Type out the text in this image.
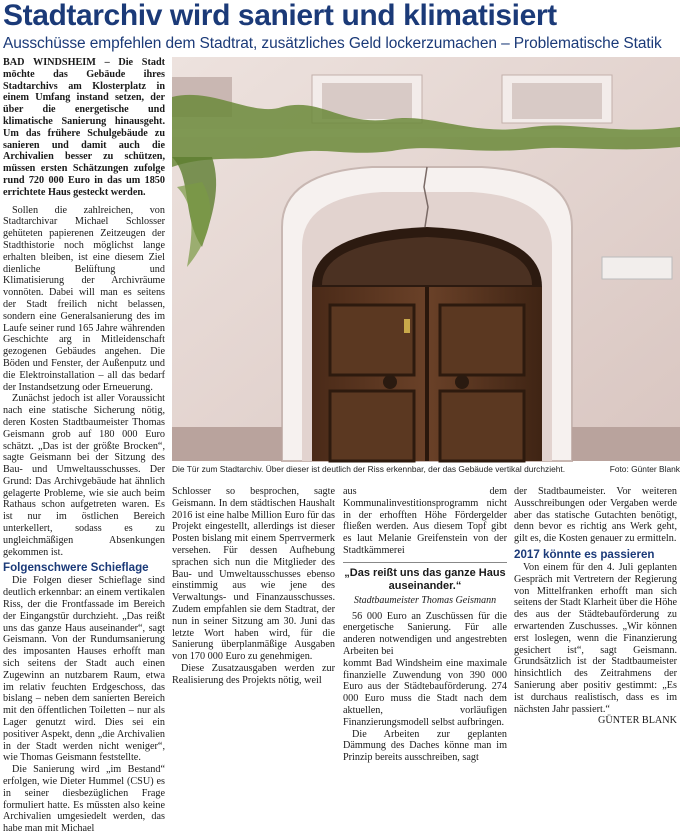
Stadtarchiv wird saniert und klimatisiert
Ausschüsse empfehlen dem Stadtrat, zusätzliches Geld lockerzumachen – Problematische Statik

BAD WINDSHEIM – Die Stadt möchte das Gebäude ihres Stadtarchivs am Klosterplatz in einem Umfang instand setzen, der über die energetische und klimatische Sanierung hinausgeht. Um das frühere Schulgebäude zu sanieren und damit auch die Archivalien besser zu schützen, müssen ersten Schätzungen zufolge rund 720 000 Euro in das um 1850 errichtete Haus gesteckt werden.

Sollen die zahlreichen, von Stadtarchivar Michael Schlosser gehüteten papierenen Zeitzeugen der Stadthistorie noch möglichst lange erhalten bleiben, ist eine diesem Ziel dienliche Belüftung und Klimatisierung der Archivräume vonnöten. Dabei will man es seitens der Stadt freilich nicht belassen, sondern eine Generalsanierung des im Laufe seiner rund 165 Jahre währenden Geschichte arg in Mitleidenschaft gezogenen Gebäudes angehen. Die Böden und Fenster, der Außenputz und die Elektroinstallation – all das bedarf der Instandsetzung oder Erneuerung.

Zunächst jedoch ist aller Voraussicht nach eine statische Sicherung nötig, deren Kosten Stadtbaumeister Thomas Geismann grob auf 180 000 Euro schätzt. „Das ist der größte Brocken“, sagte Geismann bei der Sitzung des Bau- und Umweltausschusses. Der Grund: Das Archivgebäude hat ähnlich gelagerte Probleme, wie sie auch beim Rathaus schon aufgetreten waren. Es ist nur im östlichen Bereich unterkellert, sodass es zu ungleichmäßigen Absenkungen gekommen ist.

Folgenschwere Schieflage

Die Folgen dieser Schieflage sind deutlich erkennbar: an einem vertikalen Riss, der die Frontfassade im Bereich der Eingangstür durchzieht. „Das reißt uns das ganze Haus auseinander“, sagt Geismann. Von der Rundumsanierung des imposanten Hauses erhofft man sich seitens der Stadt auch einen Zugewinn an nutzbarem Raum, etwa im relativ feuchten Erdgeschoss, das bislang – neben dem sanierten Bereich mit den öffentlichen Toiletten – nur als Lager genutzt wird. Dies sei ein positiver Aspekt, denn „die Archivalien in der Stadt werden nicht weniger“, wie Thomas Geismann feststellte.

Die Sanierung wird „im Bestand“ erfolgen, wie Dieter Hummel (CSU) es in seiner diesbezüglichen Frage formuliert hatte. Es müssten also keine Archivalien umgesiedelt werden, das habe man mit Michael

Die Tür zum Stadtarchiv. Über dieser ist deutlich der Riss erkennbar, der das Gebäude vertikal durchzieht.	Foto: Günter Blank

Schlosser so besprochen, sagte Geismann. In dem städtischen Haushalt 2016 ist eine halbe Million Euro für das Projekt eingestellt, allerdings ist dieser Posten bislang mit einem Sperrvermerk versehen. Für dessen Aufhebung sprachen sich nun die Mitglieder des Bau- und Umweltausschusses ebenso einstimmig aus wie jene des Verwaltungs- und Finanzausschusses. Zudem empfahlen sie dem Stadtrat, der nun in seiner Sitzung am 30. Juni das letzte Wort haben wird, für die Sanierung überplanmäßige Ausgaben von 170 000 Euro zu genehmigen.

Diese Zusatzausgaben werden zur Realisierung des Projekts nötig, weil

aus dem Kommunalinvestitionsprogramm nicht in der erhofften Höhe Fördergelder fließen werden. Aus diesem Topf gibt es laut Melanie Greifenstein von der Stadtkämmerei

„Das reißt uns das ganze Haus auseinander.“
Stadtbaumeister Thomas Geismann

56 000 Euro an Zuschüssen für die energetische Sanierung. Für alle anderen notwendigen und angestrebten Arbeiten bei

kommt Bad Windsheim eine maximale finanzielle Zuwendung von 390 000 Euro aus der Städtebauförderung. 274 000 Euro muss die Stadt nach dem aktuellen, vorläufigen Finanzierungsmodell selbst aufbringen.

Die Arbeiten zur geplanten Dämmung des Daches könne man im Prinzip bereits ausschreiben, sagt

der Stadtbaumeister. Vor weiteren Ausschreibungen oder Vergaben werde aber das statische Gutachten benötigt, denn bevor es richtig ans Werk geht, gilt es, die Kosten genauer zu ermitteln.

2017 könnte es passieren

Von einem für den 4. Juli geplanten Gespräch mit Vertretern der Regierung von Mittelfranken erhofft man sich seitens der Stadt Klarheit über die Höhe des aus der Städtebauförderung zu erwartenden Zuschusses. „Wir können erst loslegen, wenn die Finanzierung gesichert ist“, sagt Geismann. Grundsätzlich ist der Stadtbaumeister hinsichtlich des Zeitrahmens der Sanierung aber positiv gestimmt: „Es ist durchaus realistisch, dass es im nächsten Jahr passiert.“

GÜNTER BLANK
